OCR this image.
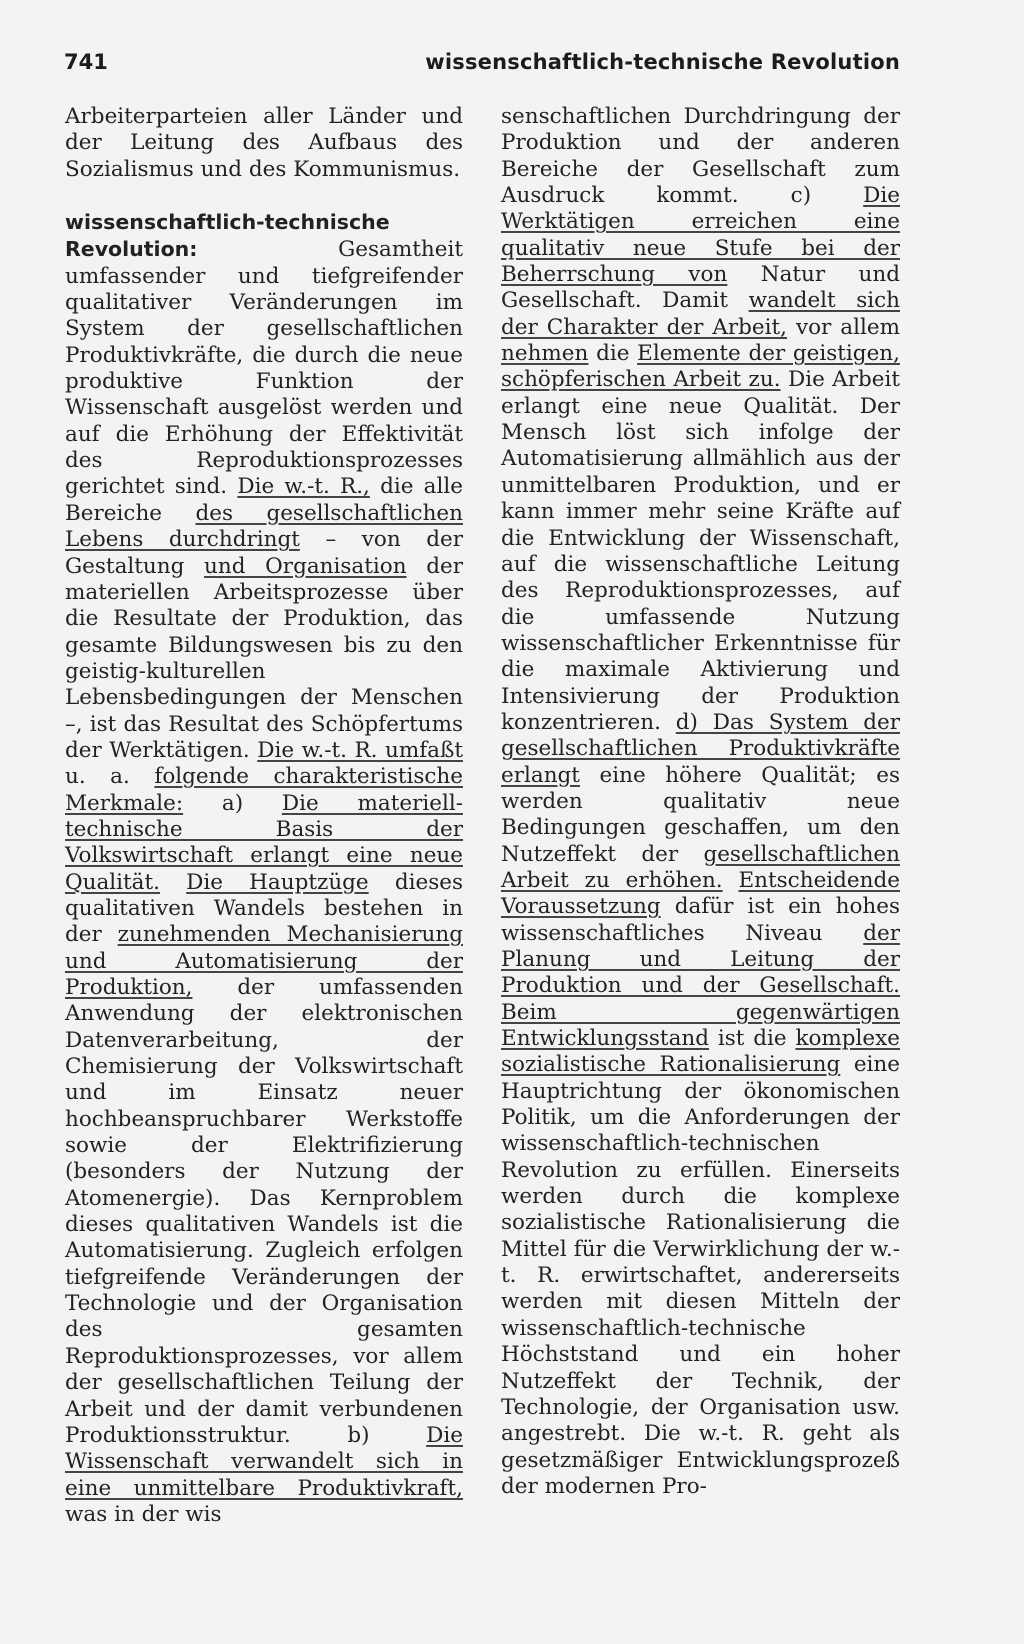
741	wissenschaftlich-technische Revolution

Arbeiterparteien aller Länder und der Leitung des Aufbaus des Sozialismus und des Kommunismus.

wissenschaftlich-technische Revolution:	Gesamtheit umfassender und tiefgreifender qualitativer Veränderungen im System der gesellschaftlichen Produktivkräfte, die durch die neue produktive Funktion der Wissenschaft ausgelöst werden und auf die Erhöhung der Effektivität des Reproduktionsprozesses gerichtet sind. Die w.-t. R., die alle Bereiche des gesellschaftlichen Lebens durchdringt – von der Gestaltung und Organisation der materiellen Arbeitsprozesse über die Resultate der Produktion, das gesamte Bildungswesen bis zu den geistig-kulturellen Lebensbedingungen der Menschen –, ist das Resultat des Schöpfertums der Werktätigen. Die w.-t. R. umfaßt u. a. folgende charakteristische Merkmale: a) Die materiell-technische Basis der Volkswirtschaft erlangt eine neue Qualität. Die Hauptzüge dieses qualitativen Wandels bestehen in der zunehmenden Mechanisierung und Automatisierung der Produktion, der umfassenden Anwendung der elektronischen Datenverarbeitung, der Chemisierung der Volkswirtschaft und im Einsatz neuer hochbeanspruchbarer Werkstoffe sowie der Elektrifizierung (besonders der Nutzung der Atomenergie). Das Kernproblem dieses qualitativen Wandels ist die Automatisierung. Zugleich erfolgen tiefgreifende Veränderungen der Technologie und der Organisation des gesamten Reproduktionsprozesses, vor allem der gesellschaftlichen Teilung der Arbeit und der damit verbundenen Produktionsstruktur. b)	Die Wissenschaft verwandelt sich in eine unmittelbare Produktivkraft, was in der wis

senschaftlichen Durchdringung der Produktion und der anderen Bereiche der Gesellschaft zum Ausdruck kommt. c) Die Werktätigen erreichen eine qualitativ neue Stufe bei der Beherrschung von Natur und Gesellschaft. Damit wandelt sich der Charakter der Arbeit, vor allem nehmen die Elemente der geistigen, schöpferischen Arbeit zu. Die Arbeit erlangt eine neue Qualität. Der Mensch löst sich infolge der Automatisierung allmählich aus der unmittelbaren Produktion, und er kann immer mehr seine Kräfte auf die Entwicklung der Wissenschaft, auf die wissenschaftliche Leitung des Reproduktionsprozesses, auf die umfassende Nutzung wissenschaftlicher Erkenntnisse für die maximale Aktivierung und Intensivierung der Produktion konzentrieren. d) Das System der gesellschaftlichen Produktivkräfte erlangt eine höhere Qualität; es werden qualitativ neue Bedingungen geschaffen, um den Nutzeffekt der gesellschaftlichen Arbeit zu erhöhen. Entscheidende Voraussetzung dafür ist ein hohes wissenschaftliches Niveau der Planung und Leitung der Produktion und der Gesellschaft. Beim gegenwärtigen Entwicklungsstand ist die komplexe sozialistische Rationalisierung eine Hauptrichtung der ökonomischen Politik, um die Anforderungen der wissenschaftlich-technischen Revolution zu erfüllen. Einerseits werden durch die komplexe sozialistische Rationalisierung die Mittel für die Verwirklichung der w.-t. R. erwirtschaftet, andererseits werden mit diesen Mitteln der wissenschaftlich-technische Höchststand und ein hoher Nutzeffekt der Technik, der Technologie, der Organisation usw. angestrebt. Die w.-t. R. geht als gesetzmäßiger Entwicklungsprozeß der modernen Pro-
